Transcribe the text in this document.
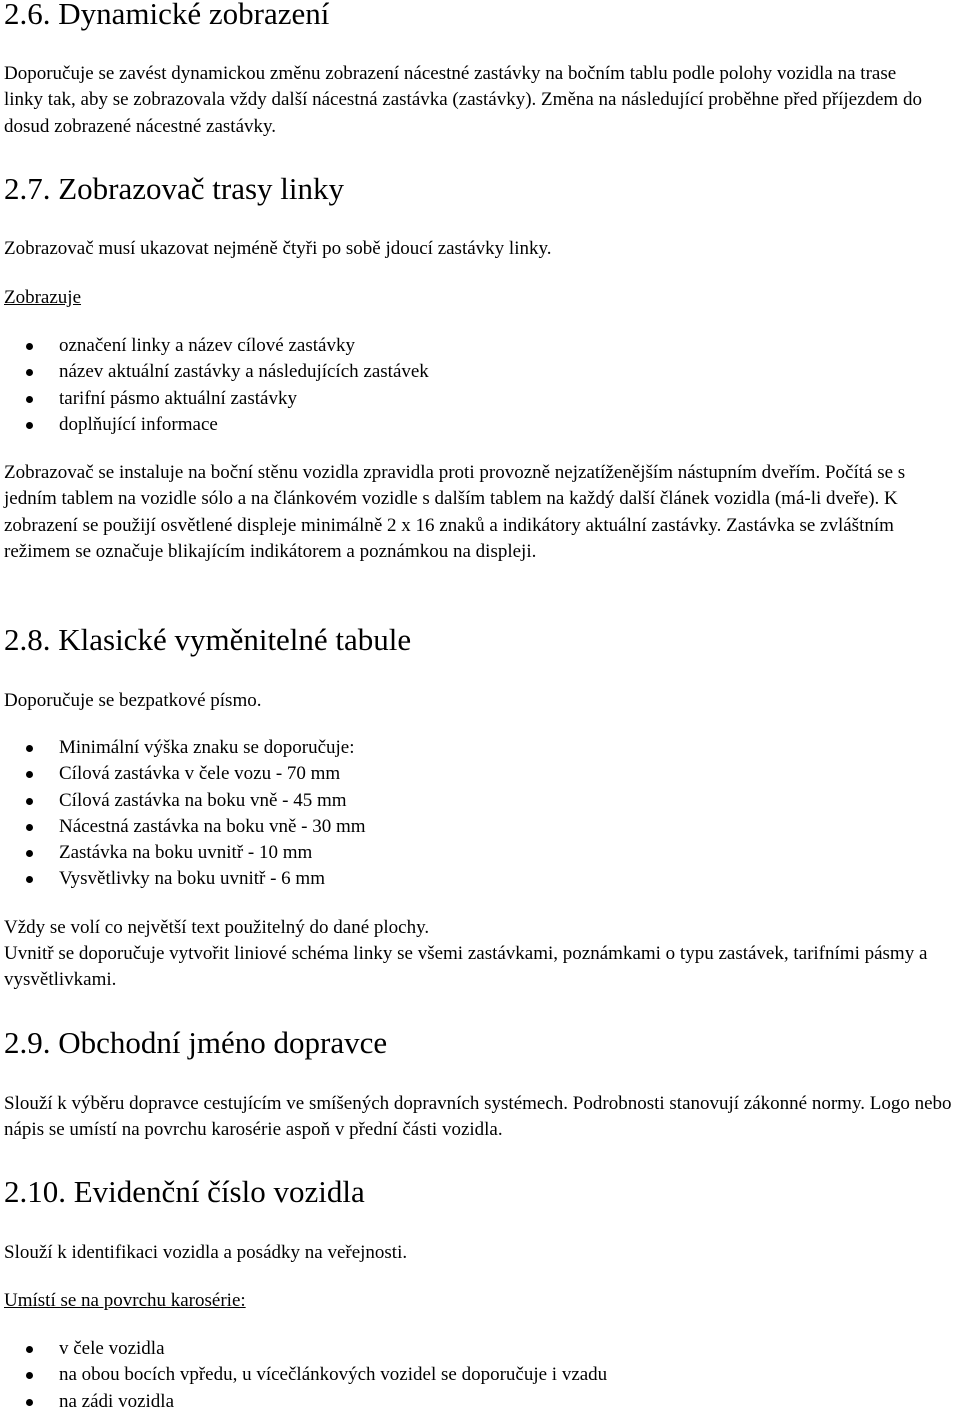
2.6. Dynamické zobrazení

Doporučuje se zavést dynamickou změnu zobrazení nácestné zastávky na bočním tablu podle polohy vozidla na trase linky tak, aby se zobrazovala vždy další nácestná zastávka (zastávky). Změna na následující proběhne před příjezdem do dosud zobrazené nácestné zastávky.

2.7. Zobrazovač trasy linky

Zobrazovač musí ukazovat nejméně čtyři po sobě jdoucí zastávky linky.

Zobrazuje

označení linky a název cílové zastávky
název aktuální zastávky a následujících zastávek
tarifní pásmo aktuální zastávky
doplňující informace

Zobrazovač se instaluje na boční stěnu vozidla zpravidla proti provozně nejzatíženějším nástupním dveřím. Počítá se s jedním tablem na vozidle sólo a na článkovém vozidle s dalším tablem na každý další článek vozidla (má-li dveře). K zobrazení se použijí osvětlené displeje minimálně 2 x 16 znaků a indikátory aktuální zastávky. Zastávka se zvláštním režimem se označuje blikajícím indikátorem a poznámkou na displeji.

2.8. Klasické vyměnitelné tabule

Doporučuje se bezpatkové písmo.

Minimální výška znaku se doporučuje:
Cílová zastávka v čele vozu - 70 mm
Cílová zastávka na boku vně - 45 mm
Nácestná zastávka na boku vně - 30 mm
Zastávka na boku uvnitř - 10 mm
Vysvětlivky na boku uvnitř - 6 mm

Vždy se volí co největší text použitelný do dané plochy.

Uvnitř se doporučuje vytvořit liniové schéma linky se všemi zastávkami, poznámkami o typu zastávek, tarifními pásmy a vysvětlivkami.

2.9. Obchodní jméno dopravce

Slouží k výběru dopravce cestujícím ve smíšených dopravních systémech. Podrobnosti stanovují zákonné normy. Logo nebo nápis se umístí na povrchu karosérie aspoň v přední části vozidla.

2.10. Evidenční číslo vozidla

Slouží k identifikaci vozidla a posádky na veřejnosti.

Umístí se na povrchu karosérie:

v čele vozidla
na obou bocích vpředu, u vícečlánkových vozidel se doporučuje i vzadu
na zádi vozidla
